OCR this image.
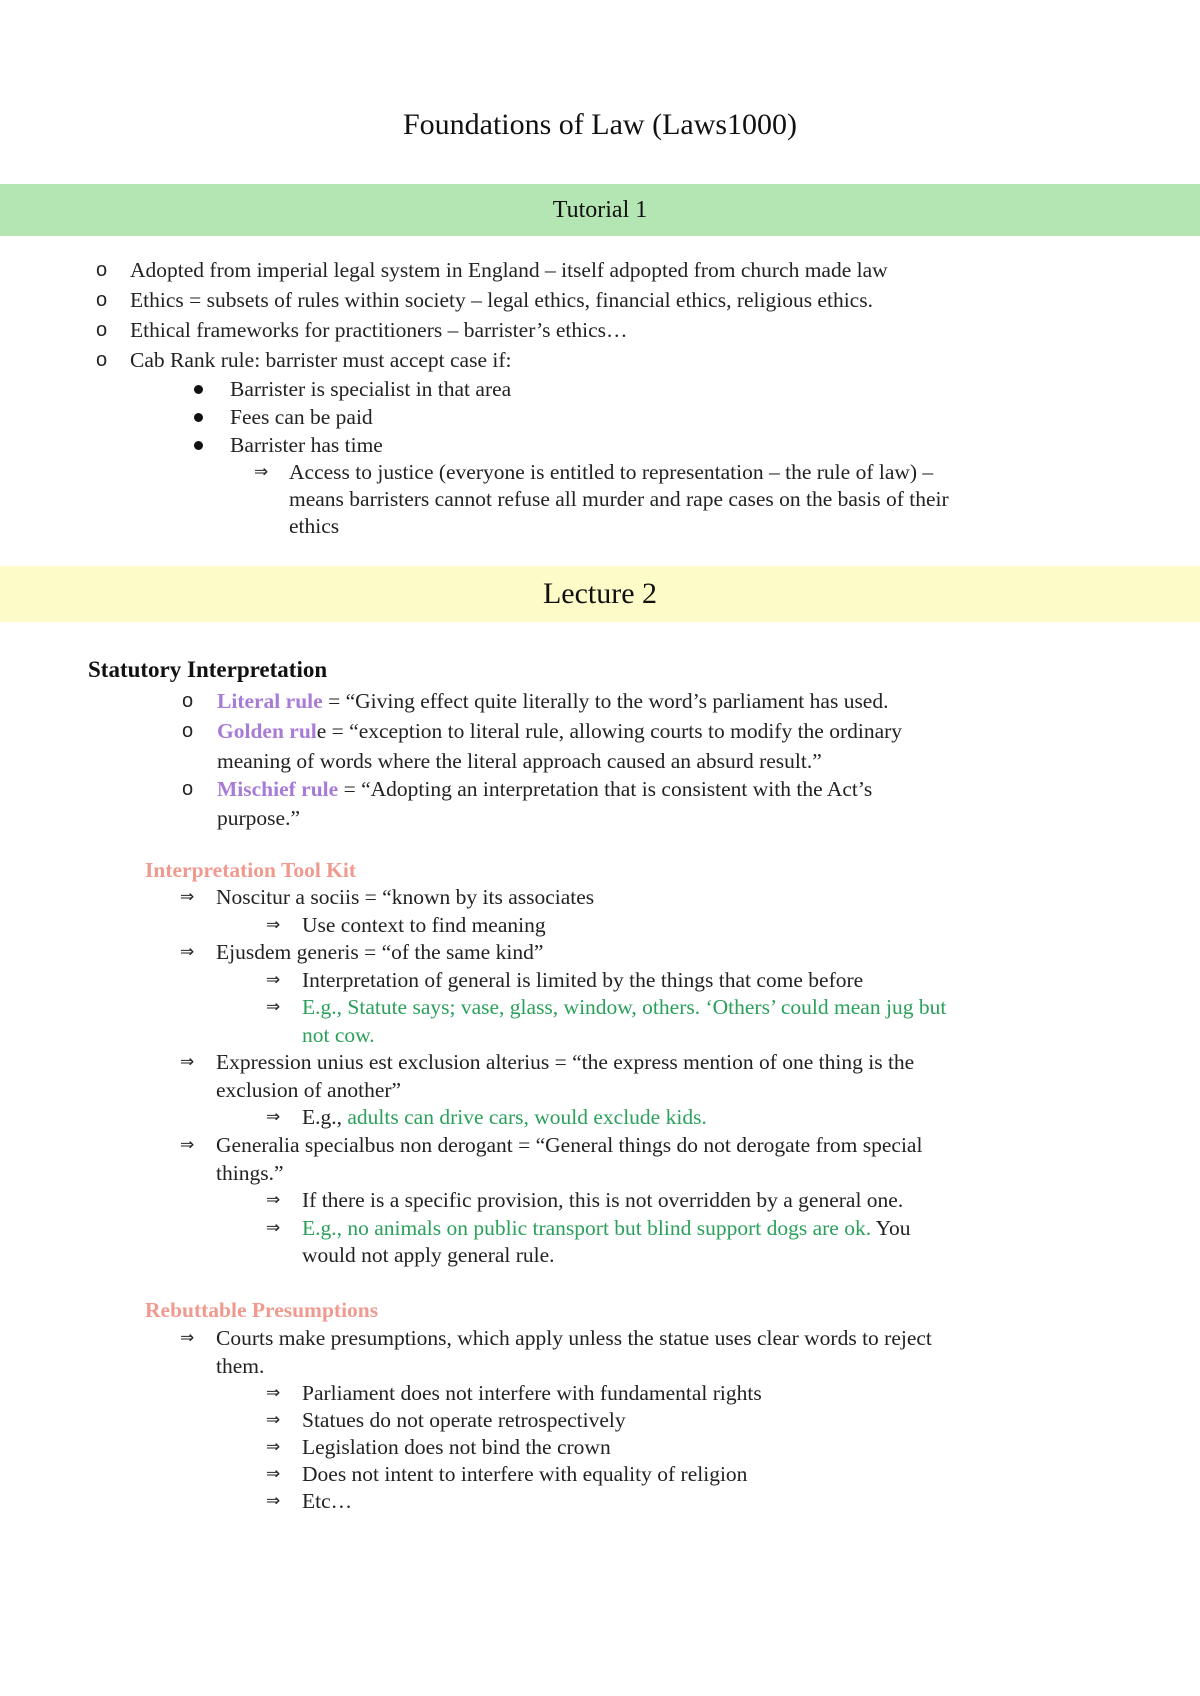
Foundations of Law (Laws1000)
Tutorial 1
o Adopted from imperial legal system in England – itself adpopted from church made law
o Ethics = subsets of rules within society – legal ethics, financial ethics, religious ethics.
o Ethical frameworks for practitioners – barrister’s ethics…
o Cab Rank rule: barrister must accept case if:
Barrister is specialist in that area
Fees can be paid
Barrister has time
⇒ Access to justice (everyone is entitled to representation – the rule of law) –
means barristers cannot refuse all murder and rape cases on the basis of their
ethics
Lecture 2
Statutory Interpretation
o Literal rule = “Giving effect quite literally to the word’s parliament has used.
o Golden rule = “exception to literal rule, allowing courts to modify the ordinary
meaning of words where the literal approach caused an absurd result.”
o Mischief rule = “Adopting an interpretation that is consistent with the Act’s
purpose.”
Interpretation Tool Kit
⇒ Noscitur a sociis = “known by its associates
⇒ Use context to find meaning
⇒ Ejusdem generis = “of the same kind”
⇒ Interpretation of general is limited by the things that come before
⇒ E.g., Statute says; vase, glass, window, others. ‘Others’ could mean jug but
not cow.
⇒ Expression unius est exclusion alterius = “the express mention of one thing is the
exclusion of another”
⇒ E.g., adults can drive cars, would exclude kids.
⇒ Generalia specialbus non derogant = “General things do not derogate from special
things.”
⇒ If there is a specific provision, this is not overridden by a general one.
⇒ E.g., no animals on public transport but blind support dogs are ok. You
would not apply general rule.
Rebuttable Presumptions
⇒ Courts make presumptions, which apply unless the statue uses clear words to reject
them.
⇒ Parliament does not interfere with fundamental rights
⇒ Statues do not operate retrospectively
⇒ Legislation does not bind the crown
⇒ Does not intent to interfere with equality of religion
⇒ Etc…
